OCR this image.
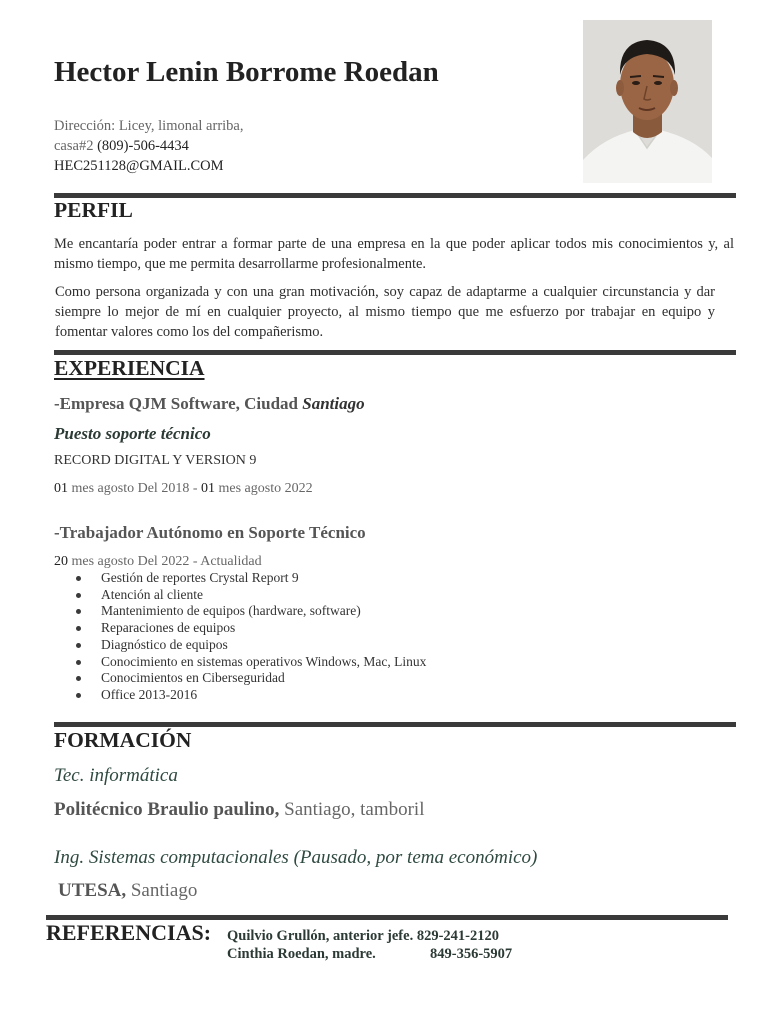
Hector Lenin Borrome Roedan
Dirección: Licey, limonal arriba,
casa#2 (809)-506-4434
HEC251128@GMAIL.COM
PERFIL
Me encantaría poder entrar a formar parte de una empresa en la que poder aplicar todos mis conocimientos y, al mismo tiempo, que me permita desarrollarme profesionalmente.
Como persona organizada y con una gran motivación, soy capaz de adaptarme a cualquier circunstancia y dar siempre lo mejor de mí en cualquier proyecto, al mismo tiempo que me esfuerzo por trabajar en equipo y fomentar valores como los del compañerismo.
EXPERIENCIA
-Empresa QJM Software, Ciudad Santiago
Puesto soporte técnico
RECORD DIGITAL Y VERSION 9
01 mes agosto Del 2018 - 01 mes agosto 2022
-Trabajador Autónomo en Soporte Técnico
20 mes agosto Del 2022 - Actualidad
Gestión de reportes Crystal Report 9
Atención al cliente
Mantenimiento de equipos (hardware, software)
Reparaciones de equipos
Diagnóstico de equipos
Conocimiento en sistemas operativos Windows, Mac, Linux
Conocimientos en Ciberseguridad
Office 2013-2016
FORMACIÓN
Tec. informática
Politécnico Braulio paulino, Santiago, tamboril
Ing. Sistemas computacionales (Pausado, por tema económico)
UTESA, Santiago
REFERENCIAS: Quilvio Grullón, anterior jefe. 829-241-2120
Cinthia Roedan, madre.	849-356-5907
